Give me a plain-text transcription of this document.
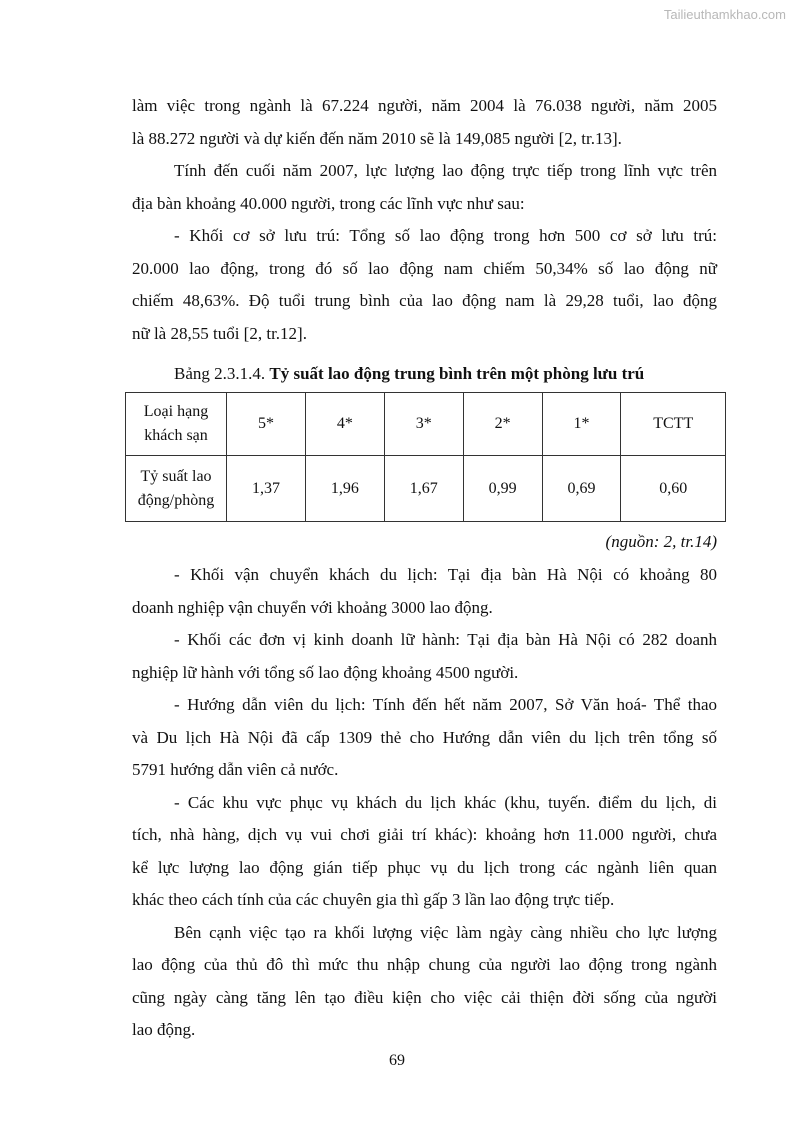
Tailieuthamkhao.com

làm việc trong ngành là 67.224 người, năm 2004 là 76.038 người, năm 2005
là 88.272 người và dự kiến đến năm 2010 sẽ là 149,085 người [2, tr.13].

Tính đến cuối năm 2007, lực lượng lao động trực tiếp trong lĩnh vực trên
địa bàn khoảng 40.000 người, trong các lĩnh vực như sau:

- Khối cơ sở lưu trú: Tổng số lao động trong hơn 500 cơ sở lưu trú:
20.000 lao động, trong đó số lao động nam chiếm 50,34% số lao động nữ
chiếm 48,63%. Độ tuổi trung bình của lao động nam là 29,28 tuổi, lao động
nữ là 28,55 tuổi [2, tr.12].

Bảng 2.3.1.4. Tỷ suất lao động trung bình trên một phòng lưu trú
Loại hạng khách sạn	5*	4*	3*	2*	1*	TCTT
Tỷ suất lao động/phòng	1,37	1,96	1,67	0,99	0,69	0,60
(nguồn: 2, tr.14)

- Khối vận chuyển khách du lịch: Tại địa bàn Hà Nội có khoảng 80
doanh nghiệp vận chuyển với khoảng 3000 lao động.

- Khối các đơn vị kinh doanh lữ hành: Tại địa bàn Hà Nội có 282 doanh
nghiệp lữ hành với tổng số lao động khoảng 4500 người.

- Hướng dẫn viên du lịch: Tính đến hết năm 2007, Sở Văn hoá- Thể thao
và Du lịch Hà Nội đã cấp 1309 thẻ cho Hướng dẫn viên du lịch trên tổng số
5791 hướng dẫn viên cả nước.

- Các khu vực phục vụ khách du lịch khác (khu, tuyến. điểm du lịch, di
tích, nhà hàng, dịch vụ vui chơi giải trí khác): khoảng hơn 11.000 người, chưa
kể lực lượng lao động gián tiếp phục vụ du lịch trong các ngành liên quan
khác theo cách tính của các chuyên gia thì gấp 3 lần lao động trực tiếp.

Bên cạnh việc tạo ra khối lượng việc làm ngày càng nhiều cho lực lượng
lao động của thủ đô thì mức thu nhập chung của người lao động trong ngành
cũng ngày càng tăng lên tạo điều kiện cho việc cải thiện đời sống của người
lao động.

69
